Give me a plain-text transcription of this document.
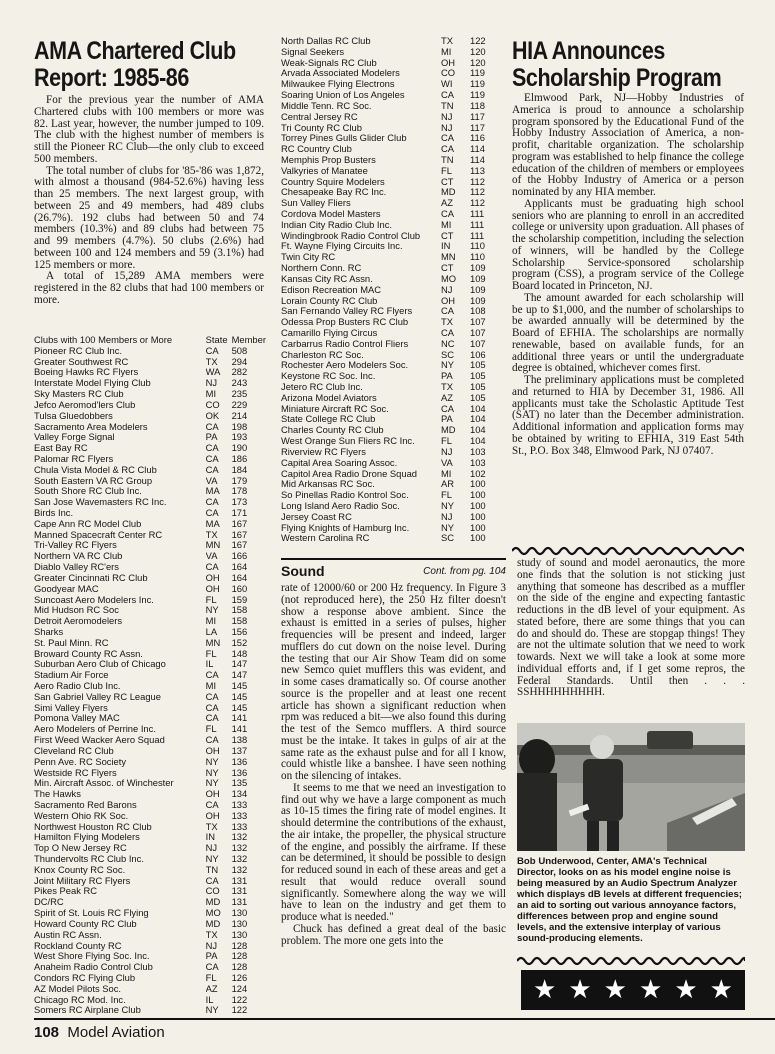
AMA Chartered Club
Report: 1985-86

For the previous year the number of AMA Chartered clubs with 100 members or more was 82. Last year, however, the number jumped to 109. The club with the highest number of members is still the Pioneer RC Club—the only club to exceed 500 members.

The total number of clubs for '85-'86 was 1,872, with almost a thousand (984-52.6%) having less than 25 members. The next largest group, with between 25 and 49 members, had 489 clubs (26.7%). 192 clubs had between 50 and 74 members (10.3%) and 89 clubs had between 75 and 99 members (4.7%). 50 clubs (2.6%) had between 100 and 124 members and 59 (3.1%) had 125 members or more.

A total of 15,289 AMA members were registered in the 82 clubs that had 100 members or more.

Clubs with 100 Members or More	State	Member
Pioneer RC Club Inc.	CA	508
Greater Southwest RC	TX	294
Boeing Hawks RC Flyers	WA	282
Interstate Model Flying Club	NJ	243
Sky Masters RC Club	MI	235
Jefco Aeromod'lers Club	CO	229
Tulsa Gluedobbers	OK	214
Sacramento Area Modelers	CA	198
Valley Forge Signal	PA	193
East Bay RC	CA	190
Palomar RC Flyers	CA	186
Chula Vista Model & RC Club	CA	184
South Eastern VA RC Group	VA	179
South Shore RC Club Inc.	MA	178
San Jose Wavemasters RC Inc.	CA	173
Birds Inc.	CA	171
Cape Ann RC Model Club	MA	167
Manned Spacecraft Center RC	TX	167
Tri-Valley RC Flyers	MN	167
Northern VA RC Club	VA	166
Diablo Valley RC'ers	CA	164
Greater Cincinnati RC Club	OH	164
Goodyear MAC	OH	160
Suncoast Aero Modelers Inc.	FL	159
Mid Hudson RC Soc	NY	158
Detroit Aeromodelers	MI	158
Sharks	LA	156
St. Paul Minn. RC	MN	152
Broward County RC Assn.	FL	148
Suburban Aero Club of Chicago	IL	147
Stadium Air Force	CA	147
Aero Radio Club Inc.	MI	145
San Gabriel Valley RC League	CA	145
Simi Valley Flyers	CA	145
Pomona Valley MAC	CA	141
Aero Modelers of Perrine Inc.	FL	141
First Weed Wacker Aero Squad	CA	138
Cleveland RC Club	OH	137
Penn Ave. RC Society	NY	136
Westside RC Flyers	NY	136
Min. Aircraft Assoc. of Winchester	NY	135
The Hawks	OH	134
Sacramento Red Barons	CA	133
Western Ohio RK Soc.	OH	133
Northwest Houston RC Club	TX	133
Hamilton Flying Modelers	IN	132
Top O New Jersey RC	NJ	132
Thundervolts RC Club Inc.	NY	132
Knox County RC Soc.	TN	132
Joint Military RC Flyers	CA	131
Pikes Peak RC	CO	131
DC/RC	MD	131
Spirit of St. Louis RC Flying	MO	130
Howard County RC Club	MD	130
Austin RC Assn.	TX	130
Rockland County RC	NJ	128
West Shore Flying Soc. Inc.	PA	128
Anaheim Radio Control Club	CA	128
Condors RC Flying Club	FL	126
AZ Model Pilots Soc.	AZ	124
Chicago RC Mod. Inc.	IL	122
Somers RC Airplane Club	NY	122
108 Model Aviation
North Dallas RC Club	TX	122
Signal Seekers	MI	120
Weak-Signals RC Club	OH	120
Arvada Associated Modelers	CO	119
Milwaukee Flying Electrons	WI	119
Soaring Union of Los Angeles	CA	119
Middle Tenn. RC Soc.	TN	118
Central Jersey RC	NJ	117
Tri County RC Club	NJ	117
Torrey Pines Gulls Glider Club	CA	116
RC Country Club	CA	114
Memphis Prop Busters	TN	114
Valkyries of Manatee	FL	113
Country Squire Modelers	CT	112
Chesapeake Bay RC Inc.	MD	112
Sun Valley Fliers	AZ	112
Cordova Model Masters	CA	111
Indian City Radio Club Inc.	MI	111
Windingbrook Radio Control Club	CT	111
Ft. Wayne Flying Circuits Inc.	IN	110
Twin City RC	MN	110
Northern Conn. RC	CT	109
Kansas City RC Assn.	MO	109
Edison Recreation MAC	NJ	109
Lorain County RC Club	OH	109
San Fernando Valley RC Flyers	CA	108
Odessa Prop Busters RC Club	TX	107
Camarillo Flying Circus	CA	107
Carbarrus Radio Control Fliers	NC	107
Charleston RC Soc.	SC	106
Rochester Aero Modelers Soc.	NY	105
Keystone RC Soc. Inc.	PA	105
Jetero RC Club Inc.	TX	105
Arizona Model Aviators	AZ	105
Miniature Aircraft RC Soc.	CA	104
State College RC Club	PA	104
Charles County RC Club	MD	104
West Orange Sun Fliers RC Inc.	FL	104
Riverview RC Flyers	NJ	103
Capital Area Soaring Assoc.	VA	103
Capitol Area Radio Drone Squad	MI	102
Mid Arkansas RC Soc.	AR	100
So Pinellas Radio Kontrol Soc.	FL	100
Long Island Aero Radio Soc.	NY	100
Jersey Coast RC	NJ	100
Flying Knights of Hamburg Inc.	NY	100
Western Carolina RC	SC	100
Sound	Cont. from pg. 104

rate of 12000/60 or 200 Hz frequency. In Figure 3 (not reproduced here), the 250 Hz filter doesn't show a response above ambient. Since the exhaust is emitted in a series of pulses, higher frequencies will be present and indeed, larger mufflers do cut down on the noise level. During the testing that our Air Show Team did on some new Semco quiet mufflers this was evident, and in some cases dramatically so. Of course another source is the propeller and at least one recent article has shown a significant reduction when rpm was reduced a bit—we also found this during the test of the Semco mufflers. A third source must be the intake. It takes in gulps of air at the same rate as the exhaust pulse and for all I know, could whistle like a banshee. I have seen nothing on the silencing of intakes.

It seems to me that we need an investigation to find out why we have a large component as much as 10-15 times the firing rate of model engines. It should determine the contributions of the exhaust, the air intake, the propeller, the physical structure of the engine, and possibly the airframe. If these can be determined, it should be possible to design for reduced sound in each of these areas and get a result that would reduce overall sound significantly. Somewhere along the way we will have to lean on the industry and get them to produce what is needed."

Chuck has defined a great deal of the basic problem. The more one gets into the

study of sound and model aeronautics, the more one finds that the solution is not sticking just anything that someone has described as a muffler on the side of the engine and expecting fantastic reductions in the dB level of your equipment. As stated before, there are some things that you can do and should do. These are stopgap things! They are not the ultimate solution that we need to work towards. Next we will take a look at some more individual efforts and, if I get some repros, the Federal Standards. Until then . . . SSHHHHHHHHH.

HIA Announces
Scholarship Program

Elmwood Park, NJ—Hobby Industries of America is proud to announce a scholarship program sponsored by the Educational Fund of the Hobby Industry Association of America, a non-profit, charitable organization. The scholarship program was established to help finance the college education of the children of members or employees of the Hobby Industry of America or a person nominated by any HIA member.

Applicants must be graduating high school seniors who are planning to enroll in an accredited college or university upon graduation. All phases of the scholarship competition, including the selection of winners, will be handled by the College Scholarship Service-sponsored scholarship program (CSS), a program service of the College Board located in Princeton, NJ.

The amount awarded for each scholarship will be up to $1,000, and the number of scholarships to be awarded annually will be determined by the Board of EFHIA. The scholarships are normally renewable, based on available funds, for an additional three years or until the undergraduate degree is obtained, whichever comes first.

The preliminary applications must be completed and returned to HIA by December 31, 1986. All applicants must take the Scholastic Aptitude Test (SAT) no later than the December administration. Additional information and application forms may be obtained by writing to EFHIA, 319 East 54th St., P.O. Box 348, Elmwood Park, NJ 07407.

Bob Underwood, Center, AMA's Technical Director, looks on as his model engine noise is being measured by an Audio Spectrum Analyzer which displays dB levels at different frequencies; an aid to sorting out various annoyance factors, differences between prop and engine sound levels, and the extensive interplay of various sound-producing elements.
★ ★ ★ ★ ★ ★
